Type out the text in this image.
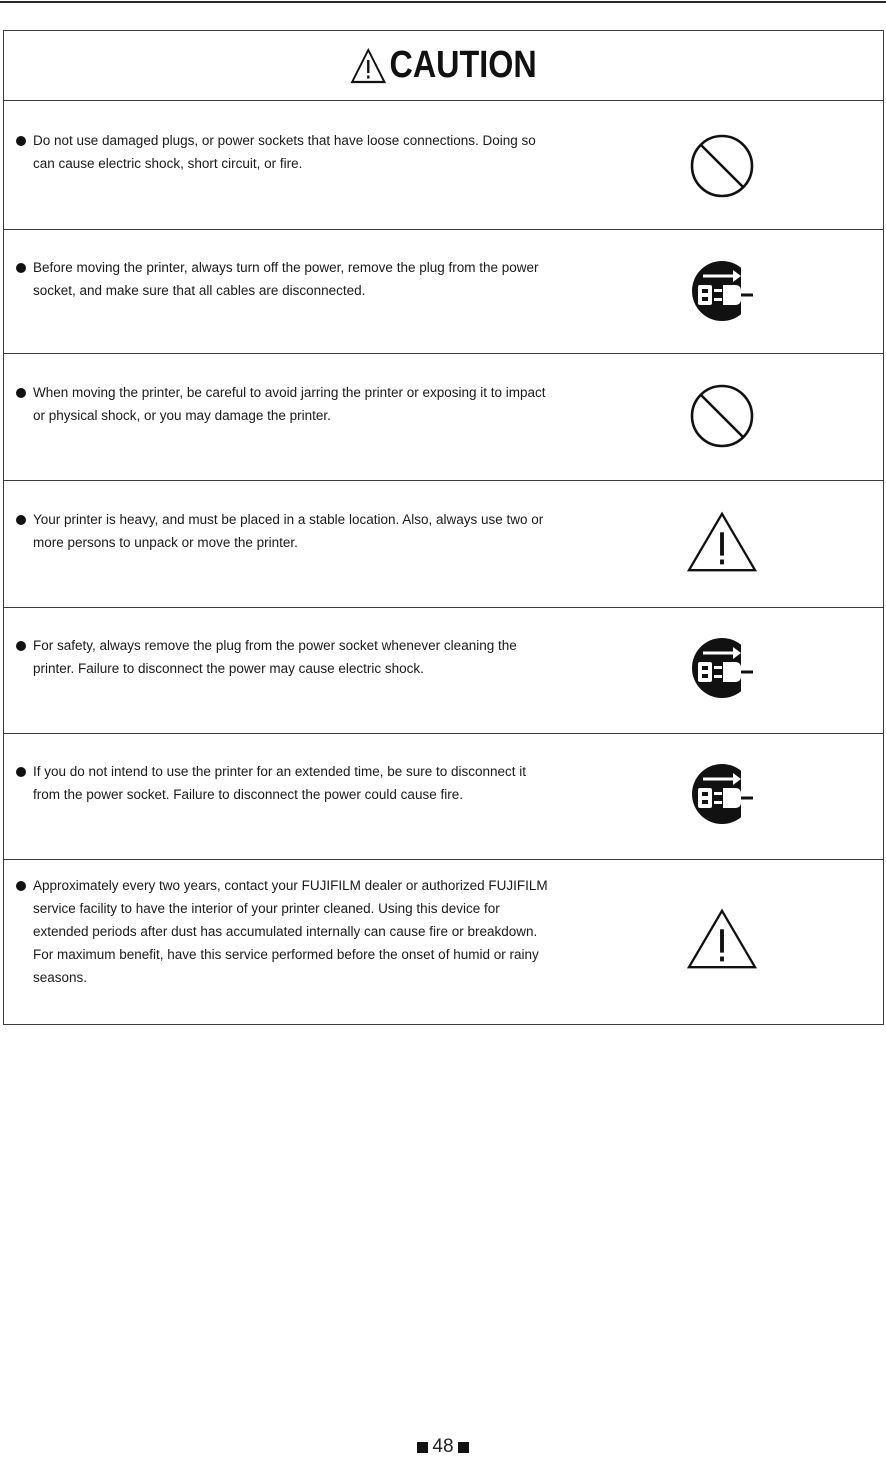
CAUTION
Do not use damaged plugs, or power sockets that have loose connections. Doing so can cause electric shock, short circuit, or fire.
Before moving the printer, always turn off the power, remove the plug from the power socket, and make sure that all cables are disconnected.
When moving the printer, be careful to avoid jarring the printer or exposing it to impact or physical shock, or you may damage the printer.
Your printer is heavy, and must be placed in a stable location. Also, always use two or more persons to unpack or move the printer.
For safety, always remove the plug from the power socket whenever cleaning the printer. Failure to disconnect the power may cause electric shock.
If you do not intend to use the printer for an extended time, be sure to disconnect it from the power socket. Failure to disconnect the power could cause fire.
Approximately every two years, contact your FUJIFILM dealer or authorized FUJIFILM service facility to have the interior of your printer cleaned. Using this device for extended periods after dust has accumulated internally can cause fire or breakdown. For maximum benefit, have this service performed before the onset of humid or rainy seasons.
48
